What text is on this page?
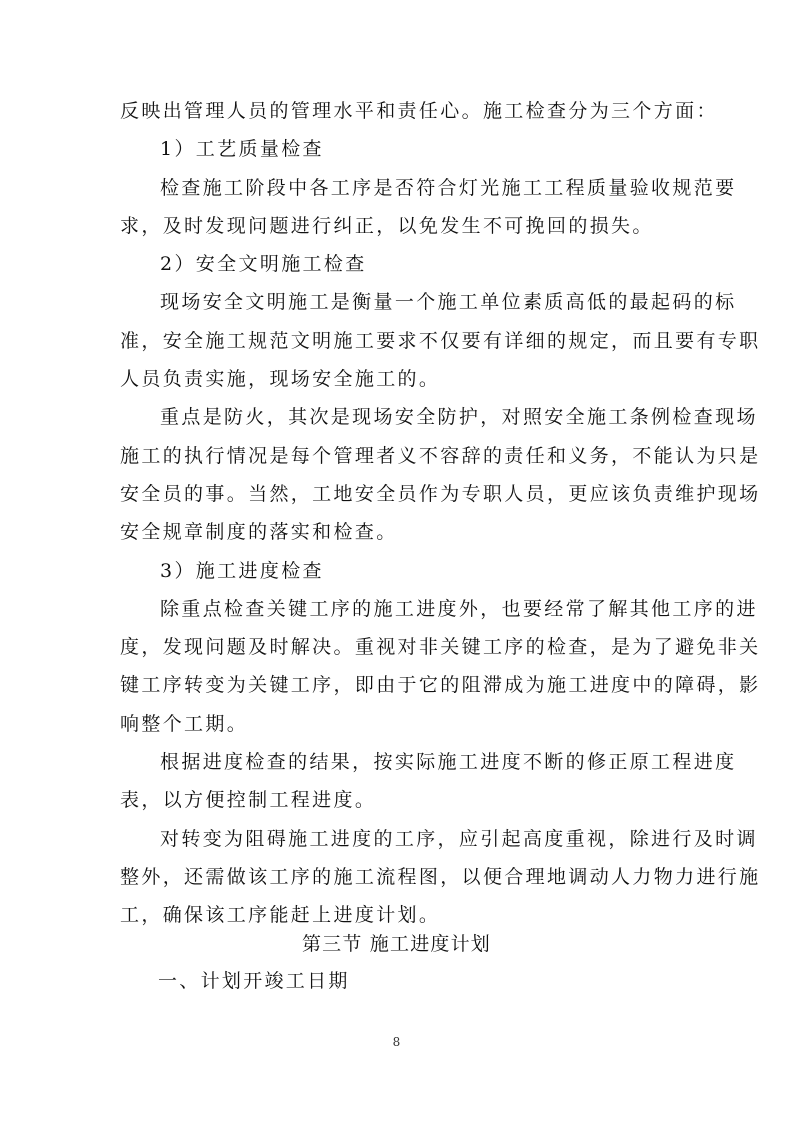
反映出管理人员的管理水平和责任心。施工检查分为三个方面：
1）工艺质量检查
检查施工阶段中各工序是否符合灯光施工工程质量验收规范要
求，及时发现问题进行纠正，以免发生不可挽回的损失。
2）安全文明施工检查
现场安全文明施工是衡量一个施工单位素质高低的最起码的标
准，安全施工规范文明施工要求不仅要有详细的规定，而且要有专职
人员负责实施，现场安全施工的。
重点是防火，其次是现场安全防护，对照安全施工条例检查现场
施工的执行情况是每个管理者义不容辞的责任和义务，不能认为只是
安全员的事。当然，工地安全员作为专职人员，更应该负责维护现场
安全规章制度的落实和检查。
3）施工进度检查
除重点检查关键工序的施工进度外，也要经常了解其他工序的进
度，发现问题及时解决。重视对非关键工序的检查，是为了避免非关
键工序转变为关键工序，即由于它的阻滞成为施工进度中的障碍，影
响整个工期。
根据进度检查的结果，按实际施工进度不断的修正原工程进度
表，以方便控制工程进度。
对转变为阻碍施工进度的工序，应引起高度重视，除进行及时调
整外，还需做该工序的施工流程图，以便合理地调动人力物力进行施
工，确保该工序能赶上进度计划。
第三节 施工进度计划
一、计划开竣工日期
8
